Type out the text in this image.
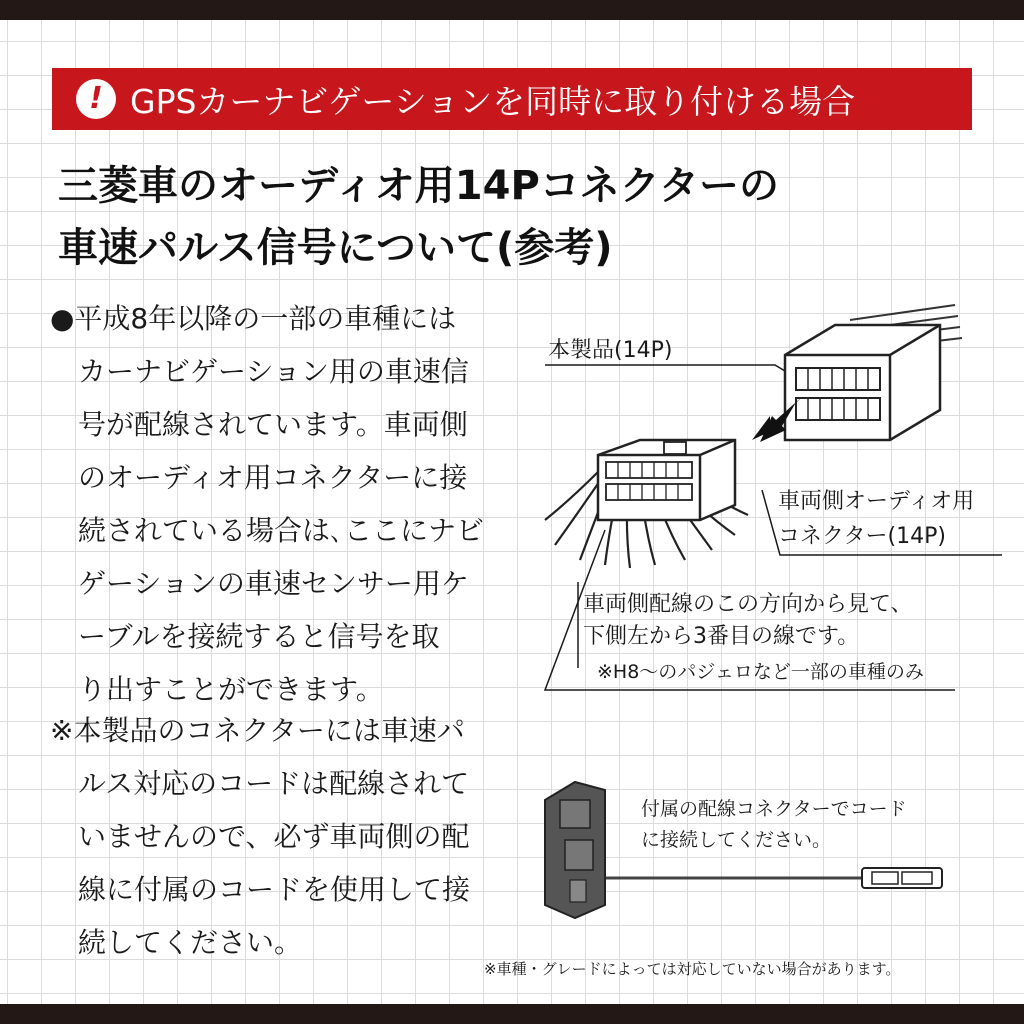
! GPSカーナビゲーションを同時に取り付ける場合
三菱車のオーディオ用14Pコネクターの
車速パルス信号について(参考)
●平成8年以降の一部の車種には
　カーナビゲーション用の車速信
　号が配線されています。車両側
　のオーディオ用コネクターに接
　続されている場合は､ここにナビ
　ゲーションの車速センサー用ケ
　ーブルを接続すると信号を取
　り出すことができます。
※本製品のコネクターには車速パ
　ルス対応のコードは配線されて
　いませんので、必ず車両側の配
　線に付属のコードを使用して接
　続してください。
本製品(14P)
車両側オーディオ用
コネクター(14P)
車両側配線のこの方向から見て、
下側左から3番目の線です。
※H8～のパジェロなど一部の車種のみ
付属の配線コネクターでコード
に接続してください。
※車種・グレードによっては対応していない場合があります。
